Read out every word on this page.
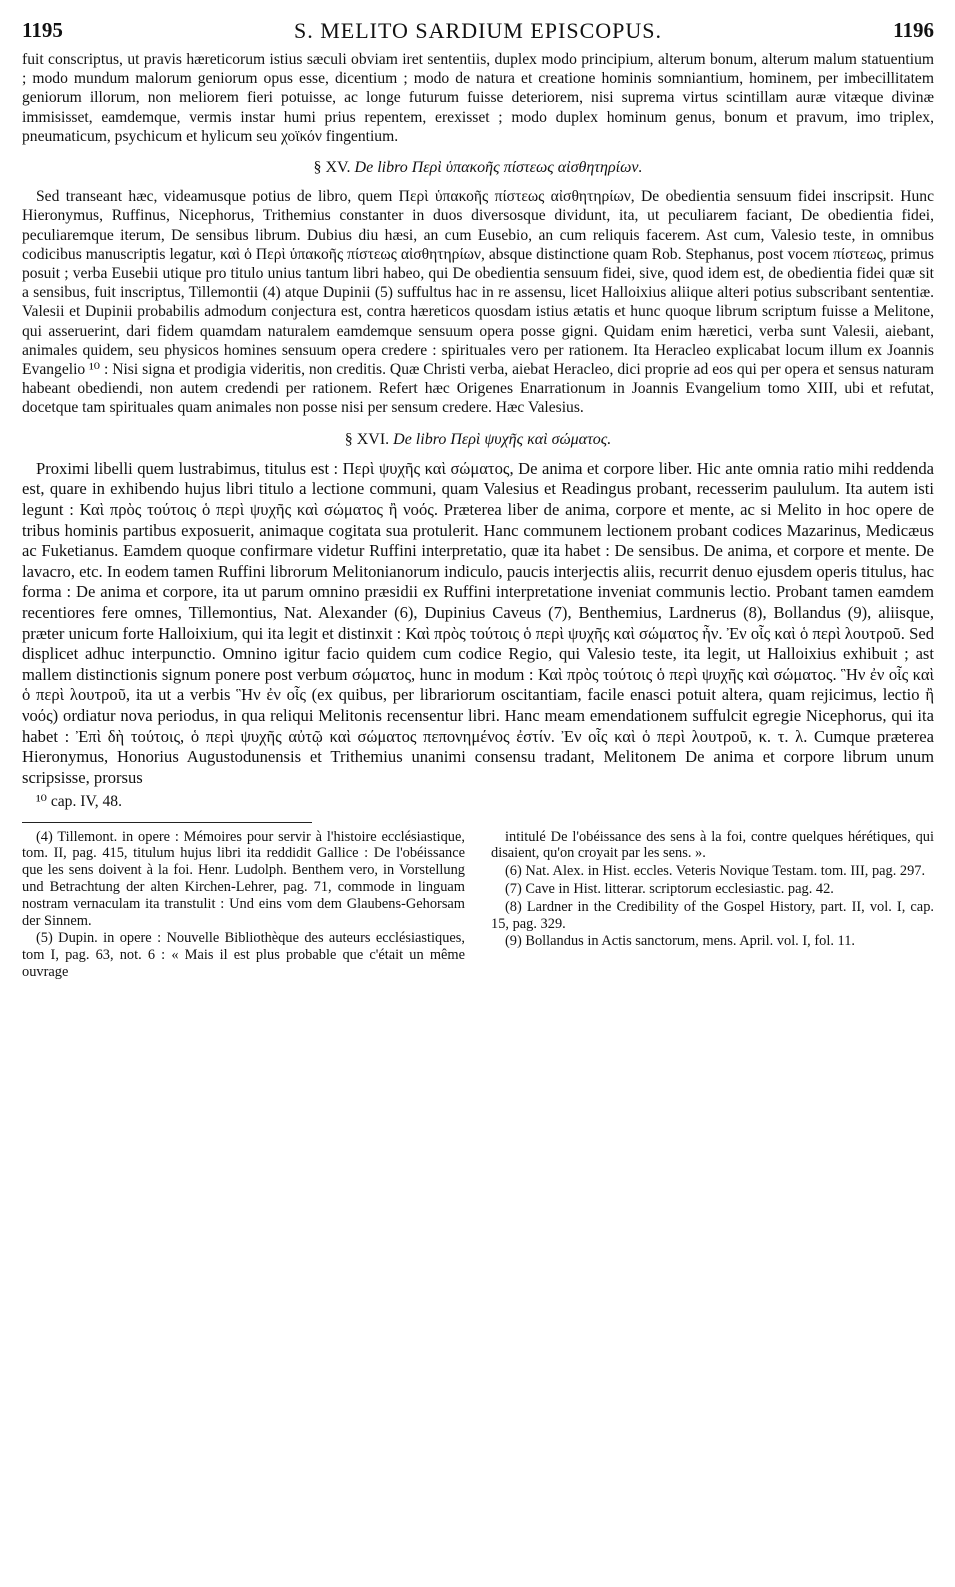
1195	S. MELITO SARDIUM EPISCOPUS.	1196

fuit conscriptus, ut pravis hæreticorum istius sæculi obviam iret sententiis, duplex modo principium, alterum bonum, alterum malum statuentium ; modo mundum malorum geniorum opus esse, dicentium ; modo de natura et creatione hominis somniantium, hominem, per imbecillitatem geniorum illorum, non meliorem fieri potuisse, ac longe futurum fuisse deteriorem, nisi suprema virtus scintillam auræ vitæque divinæ immisisset, eamdemque, vermis instar humi prius repentem, erexisset ; modo duplex hominum genus, bonum et pravum, imo triplex, pneumaticum, psychicum et hylicum seu χοϊκόν fingentium.

§ XV. De libro Περὶ ὑπακοῆς πίστεως αἰσθητηρίων.

Sed transeant hæc, videamusque potius de libro, quem Περὶ ὑπακοῆς πίστεως αἰσθητηρίων, De obedientia sensuum fidei inscripsit. Hunc Hieronymus, Ruffinus, Nicephorus, Trithemius constanter in duos diversosque dividunt, ita, ut peculiarem faciant, De obedientia fidei, peculiaremque iterum, De sensibus librum. Dubius diu hæsi, an cum Eusebio, an cum reliquis facerem. Ast cum, Valesio teste, in omnibus codicibus manuscriptis legatur, καὶ ὁ Περὶ ὑπακοῆς πίστεως αἰσθητηρίων, absque distinctione quam Rob. Stephanus, post vocem πίστεως, primus posuit ; verba Eusebii utique pro titulo unius tantum libri habeo, qui De obedientia sensuum fidei, sive, quod idem est, de obedientia fidei quæ sit a sensibus, fuit inscriptus, Tillemontii (4) atque Dupinii (5) suffultus hac in re assensu, licet Halloixius aliique alteri potius subscribant sententiæ. Valesii et Dupinii probabilis admodum conjectura est, contra hæreticos quosdam istius ætatis et hunc quoque librum scriptum fuisse a Melitone, qui asseruerint, dari fidem quamdam naturalem eamdemque sensuum opera posse gigni. Quidam enim hæretici, verba sunt Valesii, aiebant, animales quidem, seu physicos homines sensuum opera credere : spirituales vero per rationem. Ita Heracleo explicabat locum illum ex Joannis Evangelio ¹⁰ : Nisi signa et prodigia videritis, non creditis. Quæ Christi verba, aiebat Heracleo, dici proprie ad eos qui per opera et sensus naturam habeant obediendi, non autem credendi per rationem. Refert hæc Origenes Enarrationum in Joannis Evangelium tomo XIII, ubi et refutat, docetque tam spirituales quam animales non posse nisi per sensum credere. Hæc Valesius.

§ XVI. De libro Περὶ ψυχῆς καὶ σώματος.

Proximi libelli quem lustrabimus, titulus est : Περὶ ψυχῆς καὶ σώματος, De anima et corpore liber. Hic ante omnia ratio mihi reddenda est, quare in exhibendo hujus libri titulo a lectione communi, quam Valesius et Readingus probant, recesserim paululum. Ita autem isti legunt : Καὶ πρὸς τούτοις ὁ περὶ ψυχῆς καὶ σώματος ἢ νοός. Præterea liber de anima, corpore et mente, ac si Melito in hoc opere de tribus hominis partibus exposuerit, animaque cogitata sua protulerit. Hanc communem lectionem probant codices Mazarinus, Medicæus ac Fuketianus. Eamdem quoque confirmare videtur Ruffini interpretatio, quæ ita habet : De sensibus. De anima, et corpore et mente. De lavacro, etc. In eodem tamen Ruffini librorum Melitonianorum indiculo, paucis interjectis aliis, recurrit denuo ejusdem operis titulus, hac forma : De anima et corpore, ita ut parum omnino præsidii ex Ruffini interpretatione inveniat communis lectio. Probant tamen eamdem recentiores fere omnes, Tillemontius, Nat. Alexander (6), Dupinius Caveus (7), Benthemius, Lardnerus (8), Bollandus (9), aliisque, præter unicum forte Halloixium, qui ita legit et distinxit : Καὶ πρὸς τούτοις ὁ περὶ ψυχῆς καὶ σώματος ἦν. Ἐν οἷς καὶ ὁ περὶ λουτροῦ. Sed displicet adhuc interpunctio. Omnino igitur facio quidem cum codice Regio, qui Valesio teste, ita legit, ut Halloixius exhibuit ; ast mallem distinctionis signum ponere post verbum σώματος, hunc in modum : Καὶ πρὸς τούτοις ὁ περὶ ψυχῆς καὶ σώματος. Ἣν ἐν οἷς καὶ ὁ περὶ λουτροῦ, ita ut a verbis Ἣν ἐν οἷς (ex quibus, per librariorum oscitantiam, facile enasci potuit altera, quam rejicimus, lectio ἢ νοός) ordiatur nova periodus, in qua reliqui Melitonis recensentur libri. Hanc meam emendationem suffulcit egregie Nicephorus, qui ita habet : Ἐπὶ δὴ τούτοις, ὁ περὶ ψυχῆς αὐτῷ καὶ σώματος πεπονημένος ἐστίν. Ἐν οἷς καὶ ὁ περὶ λουτροῦ, κ. τ. λ. Cumque præterea Hieronymus, Honorius Augustodunensis et Trithemius unanimi consensu tradant, Melitonem De anima et corpore librum unum scripsisse, prorsus

¹⁰ cap. IV, 48.

(4) Tillemont. in opere : Mémoires pour servir à l'histoire ecclésiastique, tom. II, pag. 415, titulum hujus libri ita reddidit Gallice : De l'obéissance que les sens doivent à la foi. Henr. Ludolph. Benthem vero, in Vorstellung und Betrachtung der alten Kirchen-Lehrer, pag. 71, commode in linguam nostram vernaculam ita transtulit : Und eins vom dem Glaubens-Gehorsam der Sinnem.

(5) Dupin. in opere : Nouvelle Bibliothèque des auteurs ecclésiastiques, tom I, pag. 63, not. 6 : « Mais il est plus probable que c'était un même ouvrage

intitulé De l'obéissance des sens à la foi, contre quelques hérétiques, qui disaient, qu'on croyait par les sens. ».

(6) Nat. Alex. in Hist. eccles. Veteris Novique Testam. tom. III, pag. 297.

(7) Cave in Hist. litterar. scriptorum ecclesiastic. pag. 42.

(8) Lardner in the Credibility of the Gospel History, part. II, vol. I, cap. 15, pag. 329.

(9) Bollandus in Actis sanctorum, mens. April. vol. I, fol. 11.
